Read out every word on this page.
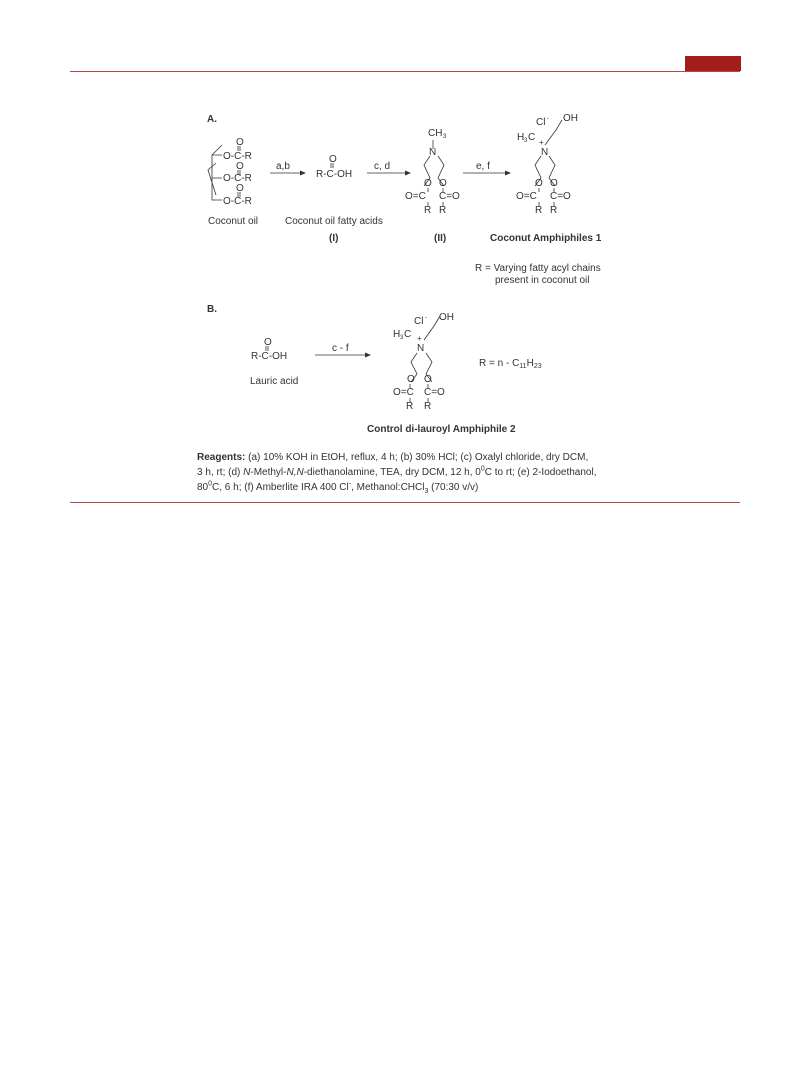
A.
O
O-C-R
O
O-C-R
O
O-C-R
a,b
O
R-C-OH
c, d
CH 3
N
O O
O=C C=O
R R
e, f
Cl - OH
H 3 C +
N
O O
O=C C=O
R R
Coconut oil	Coconut oil fatty acids
(I)	(II)	Coconut Amphiphiles 1
R = Varying fatty acyl chains
present in coconut oil
B.
O
R-C-OH
Lauric acid
c - f
Cl - OH
H 3 C +
N
O O
O=C C=O
R R
$R = n - C_{11}H_{23}$
Control di-lauroyl Amphiphile 2

Reagents: (a) 10% KOH in EtOH, reflux, 4 h; (b) 30% HCl; (c) Oxalyl chloride, dry DCM,
3 h, rt; (d) N-Methyl-N,N-diethanolamine, TEA, dry DCM, 12 h, $0^0C$ to rt; (e) 2-Iodoethanol,
$80^0C$, 6 h; (f) Amberlite IRA 400 Cl-, Methanol:CHCl$_3$ (70:30 v/v)
